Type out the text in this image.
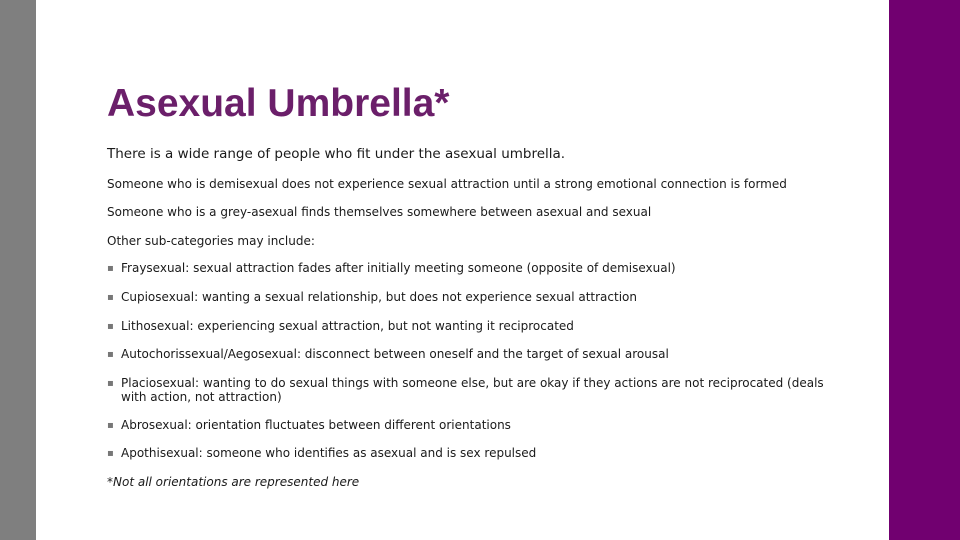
Asexual Umbrella*

There is a wide range of people who fit under the asexual umbrella.

Someone who is demisexual does not experience sexual attraction until a strong emotional connection is formed

Someone who is a grey-asexual finds themselves somewhere between asexual and sexual

Other sub-categories may include:

▪ Fraysexual: sexual attraction fades after initially meeting someone (opposite of demisexual)
▪ Cupiosexual: wanting a sexual relationship, but does not experience sexual attraction
▪ Lithosexual: experiencing sexual attraction, but not wanting it reciprocated
▪ Autochorissexual/Aegosexual: disconnect between oneself and the target of sexual arousal
▪ Placiosexual: wanting to do sexual things with someone else, but are okay if they actions are not reciprocated (deals with action, not attraction)
▪ Abrosexual: orientation fluctuates between different orientations
▪ Apothisexual: someone who identifies as asexual and is sex repulsed

*Not all orientations are represented here
